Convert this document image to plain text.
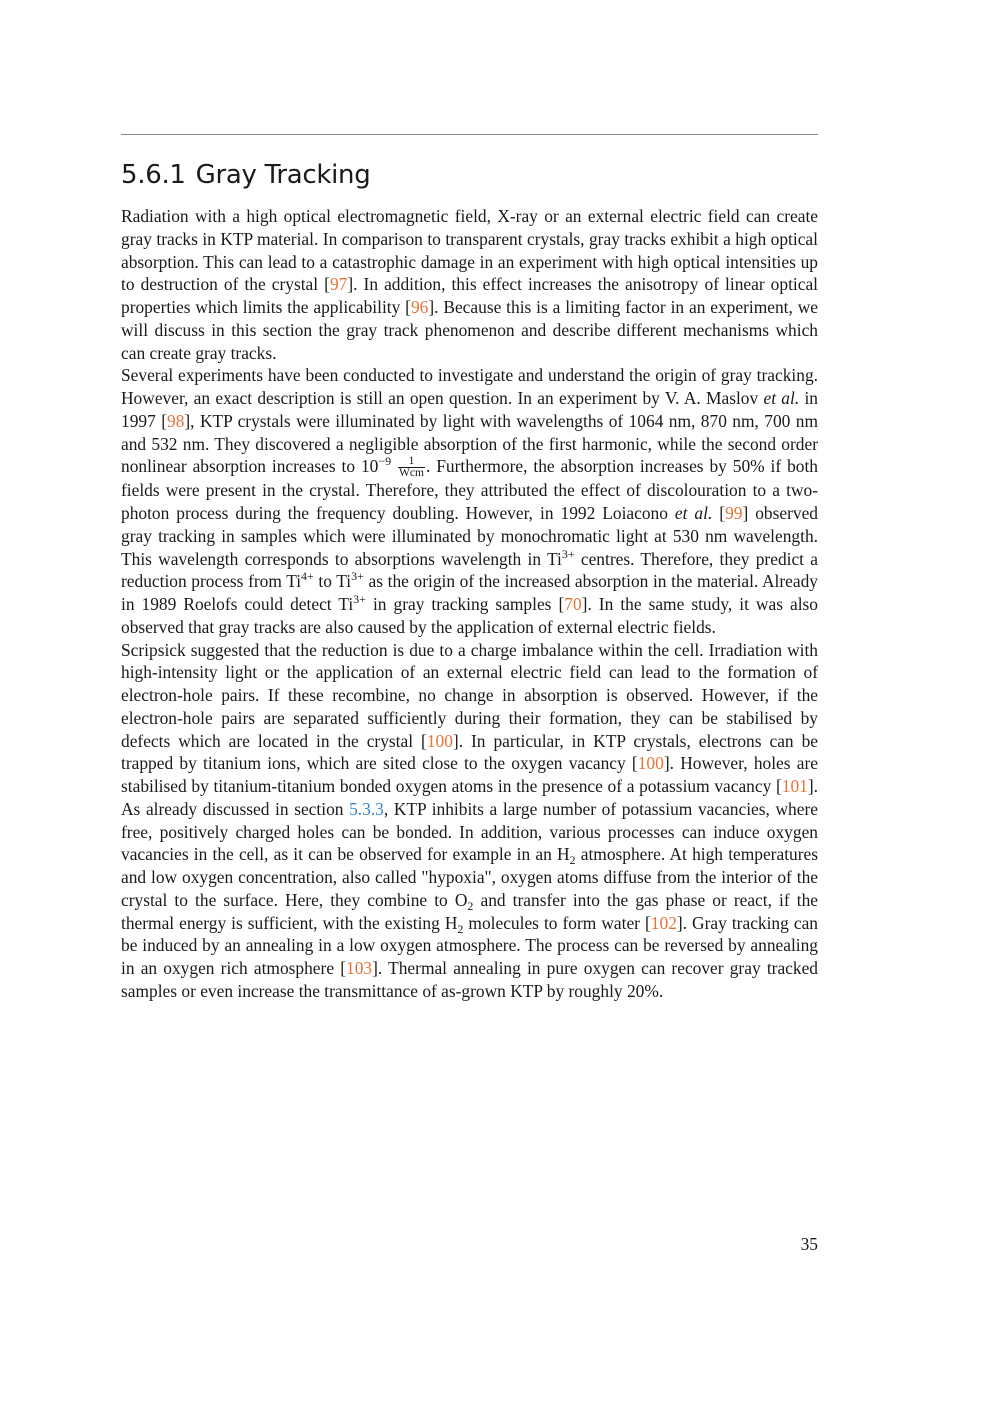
5.6.1 Gray Tracking

Radiation with a high optical electromagnetic field, X-ray or an external electric field can create gray tracks in KTP material. In comparison to transparent crystals, gray tracks exhibit a high optical absorption. This can lead to a catastrophic damage in an experiment with high optical intensities up to destruction of the crystal [97]. In addition, this effect increases the anisotropy of linear optical properties which limits the applicability [96]. Because this is a limiting factor in an experiment, we will discuss in this section the gray track phenomenon and describe different mechanisms which can create gray tracks.

Several experiments have been conducted to investigate and understand the origin of gray tracking. However, an exact description is still an open question. In an experiment by V. A. Maslov et al. in 1997 [98], KTP crystals were illuminated by light with wavelengths of 1064 nm, 870 nm, 700 nm and 532 nm. They discovered a negligible absorption of the first harmonic, while the second order nonlinear absorption increases to $10^{-9} \frac{1}{\text{Wcm}}$ . Furthermore, the absorption increases by 50% if both fields were present in the crystal. Therefore, they attributed the effect of discolouration to a two-photon process during the frequency doubling. However, in 1992 Loiacono et al. [99] observed gray tracking in samples which were illuminated by monochromatic light at 530 nm wavelength. This wavelength corresponds to absorptions wavelength in $Ti^{3+}$ centres. Therefore, they predict a reduction process from $Ti^{4+}$ to $Ti^{3+}$ as the origin of the increased absorption in the material. Already in 1989 Roelofs could detect $Ti^{3+}$ in gray tracking samples [70]. In the same study, it was also observed that gray tracks are also caused by the application of external electric fields.

Scripsick suggested that the reduction is due to a charge imbalance within the cell. Irradiation with high-intensity light or the application of an external electric field can lead to the formation of electron-hole pairs. If these recombine, no change in absorption is observed. However, if the electron-hole pairs are separated sufficiently during their formation, they can be stabilised by defects which are located in the crystal [100]. In particular, in KTP crystals, electrons can be trapped by titanium ions, which are sited close to the oxygen vacancy [100]. However, holes are stabilised by titanium-titanium bonded oxygen atoms in the presence of a potassium vacancy [101]. As already discussed in section 5.3.3, KTP inhibits a large number of potassium vacancies, where free, positively charged holes can be bonded. In addition, various processes can induce oxygen vacancies in the cell, as it can be observed for example in an $H_2$ atmosphere. At high temperatures and low oxygen concentration, also called "hypoxia", oxygen atoms diffuse from the interior of the crystal to the surface. Here, they combine to $O_2$ and transfer into the gas phase or react, if the thermal energy is sufficient, with the existing $H_2$ molecules to form water [102]. Gray tracking can be induced by an annealing in a low oxygen atmosphere. The process can be reversed by annealing in an oxygen rich atmosphere [103]. Thermal annealing in pure oxygen can recover gray tracked samples or even increase the transmittance of as-grown KTP by roughly 20%.

35
